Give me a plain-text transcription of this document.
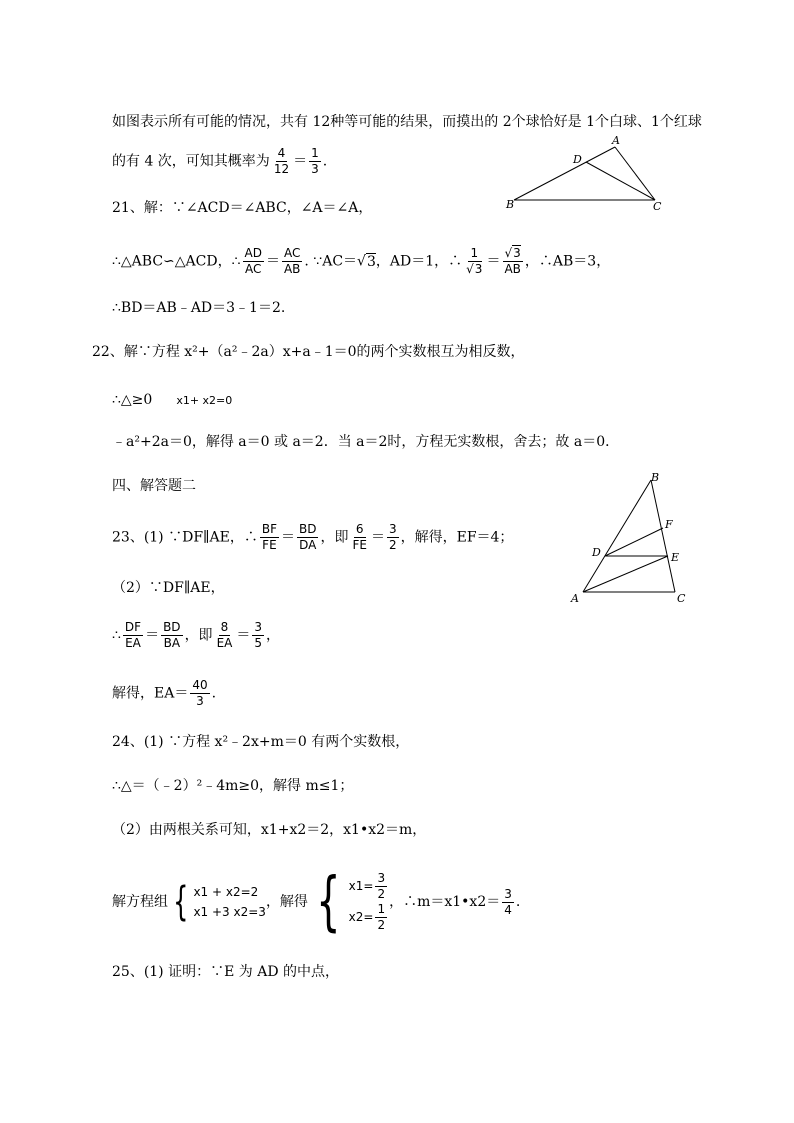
如图表示所有可能的情况，共有 12种等可能的结果，而摸出的 2个球恰好是 1个白球、1个红球
的有 4 次，可知其概率为 $\frac{4}{12} = \frac{1}{3}$ .
A
D
B	C
21、解：∵∠ACD＝∠ABC，∠A＝∠A，
∴△ABC∽△ACD，∴ $\frac{AD}{AC} = \frac{AC}{AB}$ . ∵AC＝√3，AD＝1，∴ $\frac{1}{√3} = \frac{√3}{AB}$ ，∴AB＝3，
∴BD＝AB﹣AD＝3﹣1＝2.
22、解∵方程 x²+（a²﹣2a）x+a﹣1＝0的两个实数根互为相反数，
∴△≥0 x1+ x2=0
﹣a²+2a＝0，解得 a＝0 或 a＝2．当 a＝2时，方程无实数根，舍去；故 a＝0．
四、解答题二
B
F
D	E
A	C
23、(1) ∵DF∥AE，∴ $\frac{BF}{FE} = \frac{BD}{DA}$ ，即 $\frac{6}{FE} = \frac{3}{2}$ ，解得，EF＝4；
（2）∵DF∥AE，
∴ $\frac{DF}{EA} = \frac{BD}{BA}$ ，即 $\frac{8}{EA} = \frac{3}{5}$ ，
解得，$EA= \frac{40}{3}$ .
24、(1) ∵方程 x²﹣2x+m＝0 有两个实数根，
∴△＝（﹣2）²﹣4m≥0，解得 m≤1；
（2）由两根关系可知，x1+x2＝2，x1•x2＝m，
解方程组 { x1 + x2=2
x1 +3 x2=3
，解得 { $x1= \frac{3}{2}$
$x2= \frac{1}{2}$ ，∴m＝x1•x2＝ $\frac{3}{4}$ .
25、(1) 证明：∵E 为 AD 的中点，
